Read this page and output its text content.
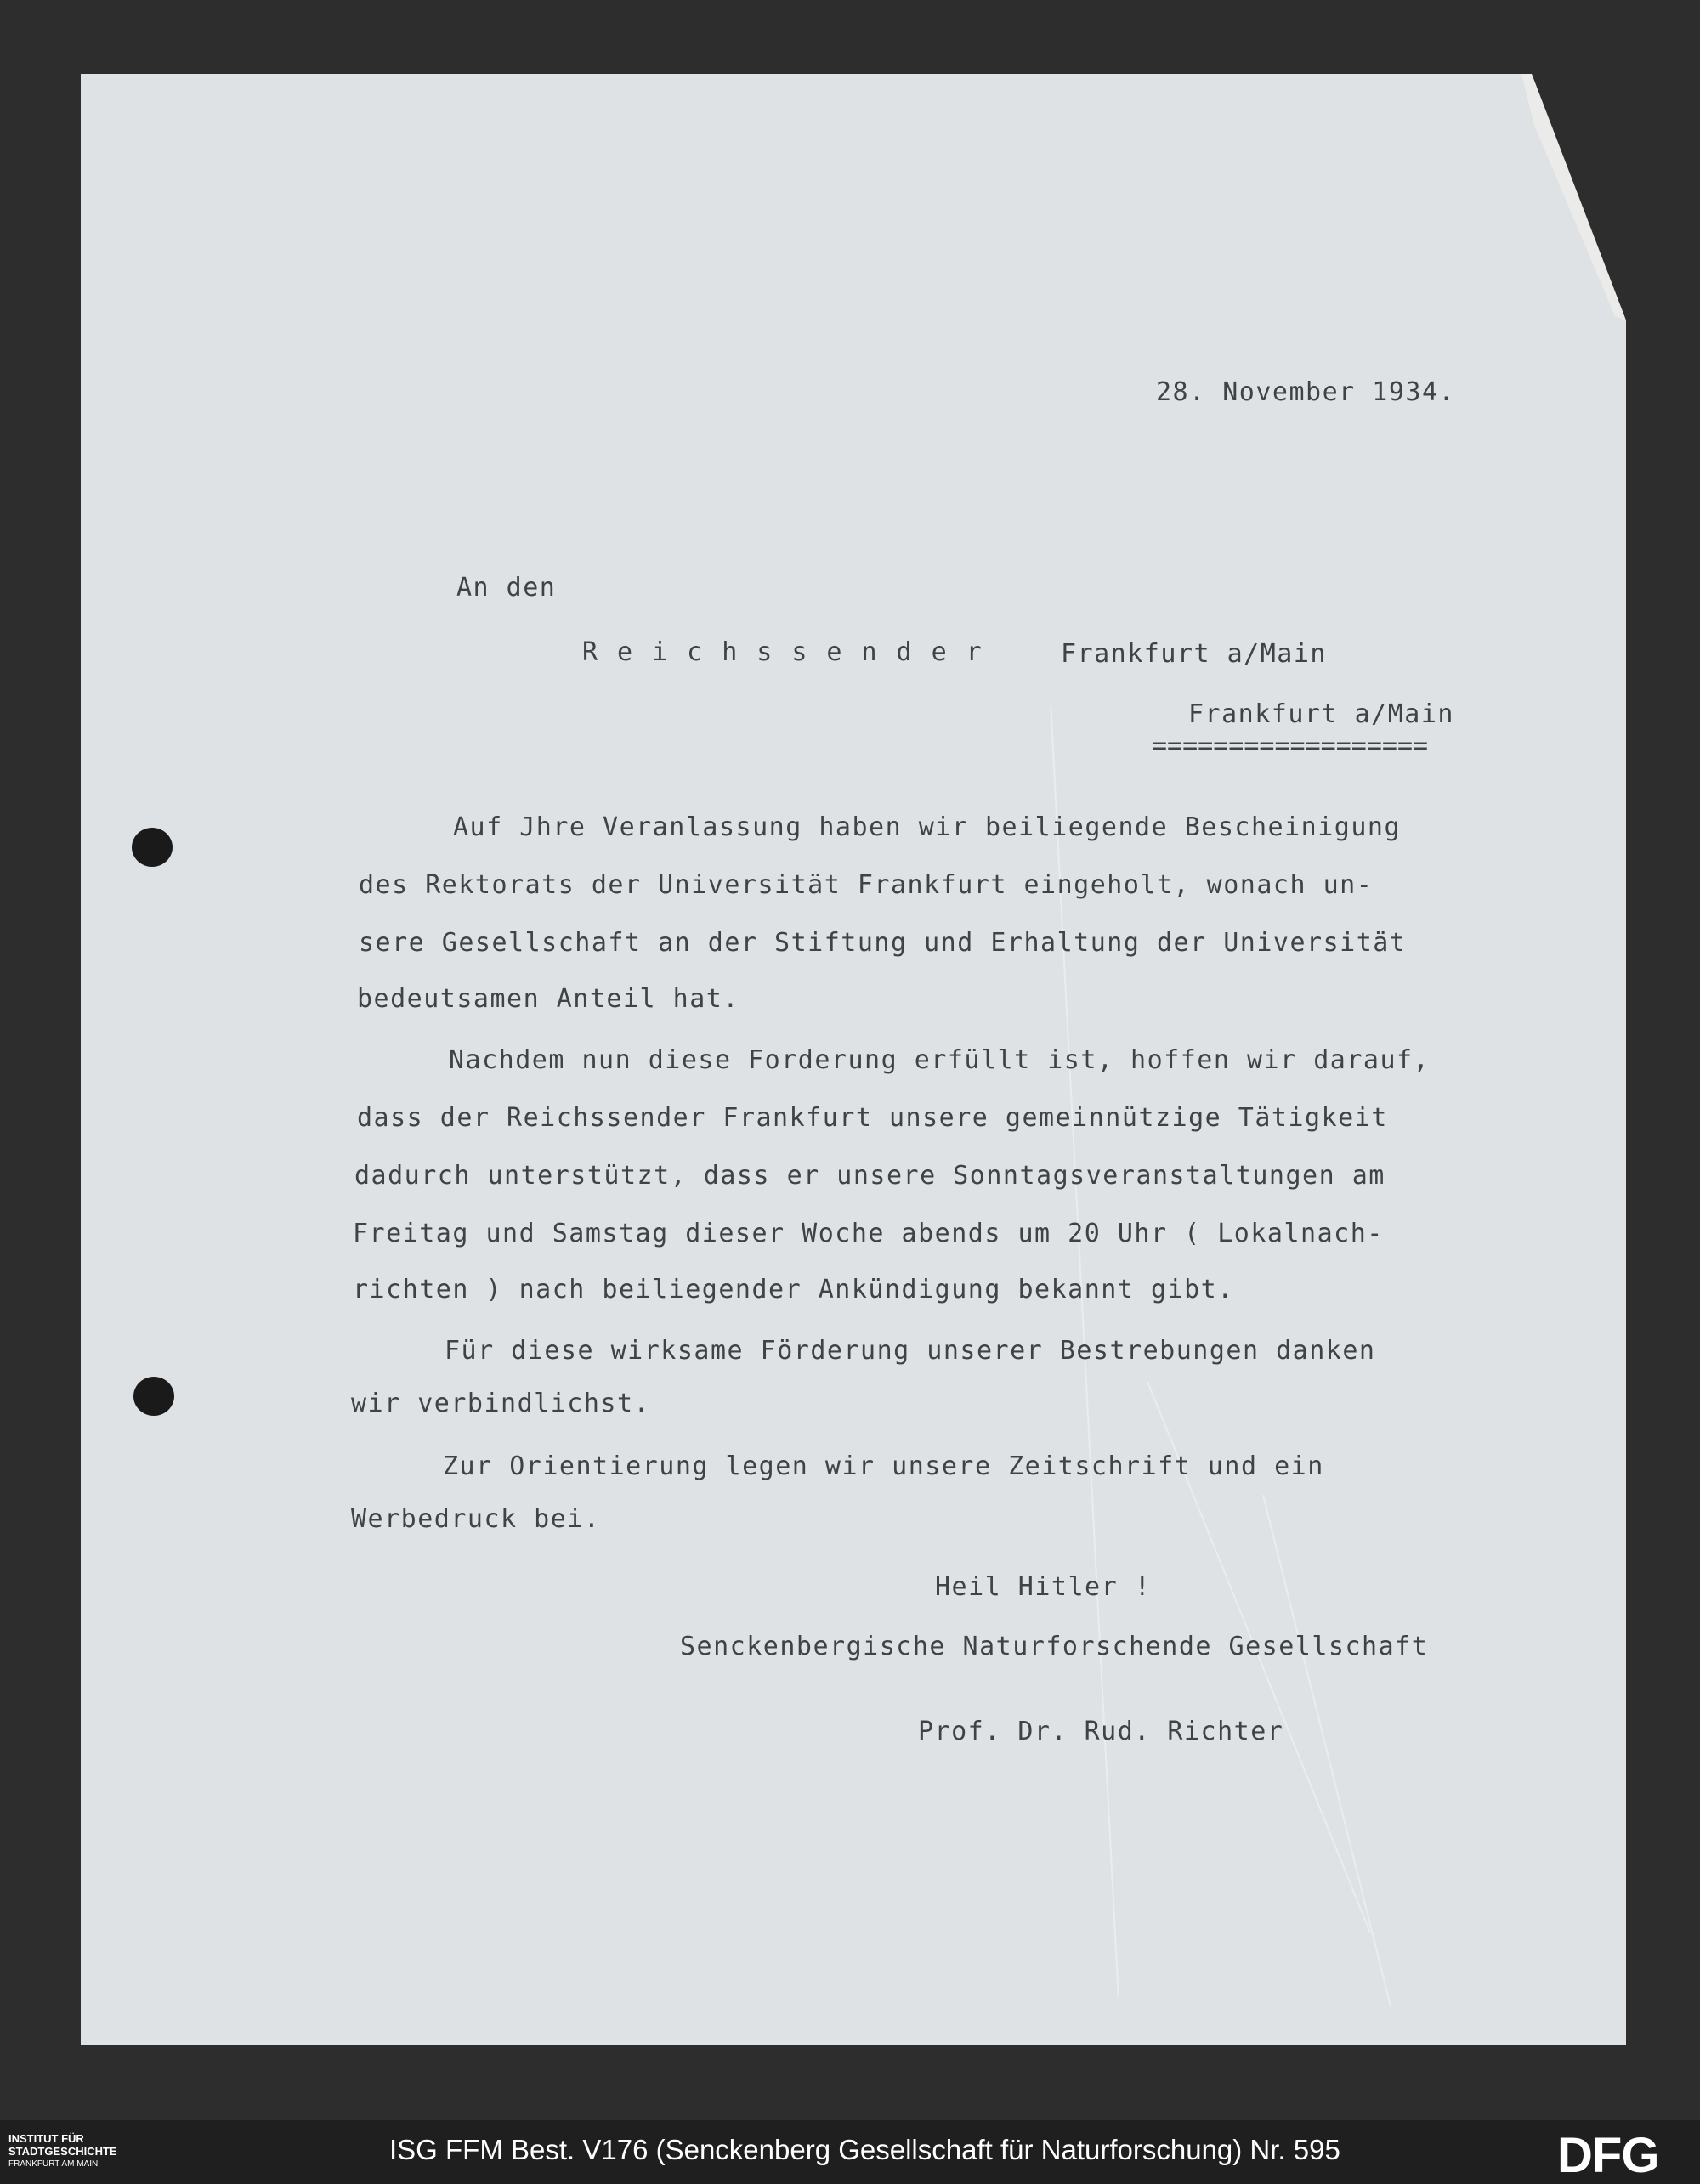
28. November 1934.
An den
Reichssender Frankfurt a/Main
Frankfurt a/Main
==================
Auf Jhre Veranlassung haben wir beiliegende Bescheinigung
des Rektorats der Universität Frankfurt eingeholt, wonach un-
sere Gesellschaft an der Stiftung und Erhaltung der Universität
bedeutsamen Anteil hat.
Nachdem nun diese Forderung erfüllt ist, hoffen wir darauf,
dass der Reichssender Frankfurt unsere gemeinnützige Tätigkeit
dadurch unterstützt, dass er unsere Sonntagsveranstaltungen am
Freitag und Samstag dieser Woche abends um 20 Uhr ( Lokalnach-
richten ) nach beiliegender Ankündigung bekannt gibt.
Für diese wirksame Förderung unserer Bestrebungen danken
wir verbindlichst.
Zur Orientierung legen wir unsere Zeitschrift und ein
Werbedruck bei.
Heil Hitler !
Senckenbergische Naturforschende Gesellschaft
Prof. Dr. Rud. Richter
INSTITUT FÜR
STADTGESCHICHTE
FRANKFURT AM MAIN	ISG FFM Best. V176 (Senckenberg Gesellschaft für Naturforschung) Nr. 595	DFG
